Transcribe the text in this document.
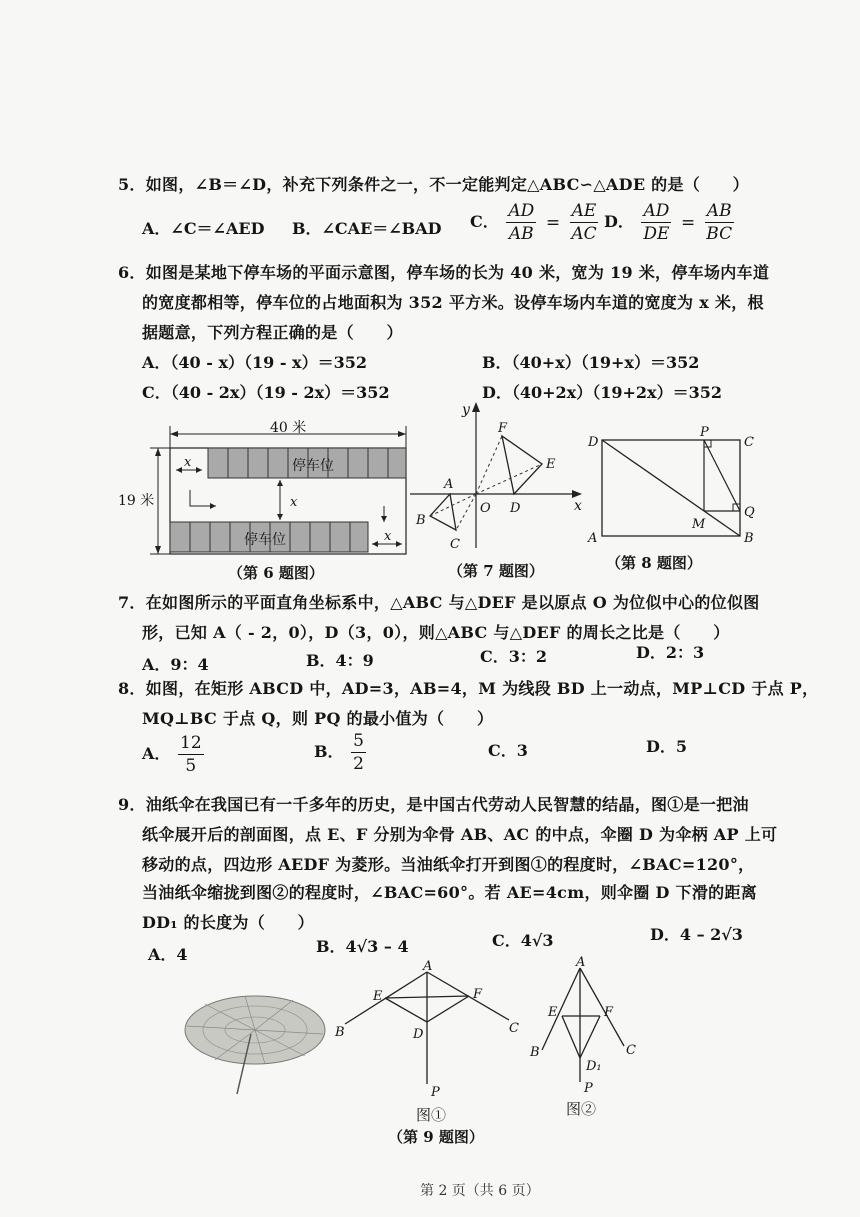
5．如图，∠B＝∠D，补充下列条件之一，不一定能判定△ABC∽△ADE 的是（　　）
A．∠C＝∠AED B．∠CAE＝∠BAD C． $\frac{AD}{AB} = \frac{AE}{AC}$ D． $\frac{AD}{DE} = \frac{AB}{BC}$
6．如图是某地下停车场的平面示意图，停车场的长为 40 米，宽为 19 米，停车场内车道
的宽度都相等，停车位的占地面积为 352 平方米。设停车场内车道的宽度为 x 米，根
据题意，下列方程正确的是（　　）
A．（40 - x）（19 - x）＝352	B．（40+x）（19+x）＝352
C．（40 - 2x）（19 - 2x）＝352	D．（40+2x）（19+2x）＝352
40 米
19 米
停车位
停车位
x
x
x
（第 6 题图）
y
x
O
F
E
D
A
B
C
（第 7 题图）
D
P
C
Q
M
A	B
（第 8 题图）
7．在如图所示的平面直角坐标系中，△ABC 与△DEF 是以原点 O 为位似中心的位似图
形，已知 A（ - 2，0），D（3，0），则△ABC 与△DEF 的周长之比是（　　）
A．9：4	B．4：9	C．3：2	D．2：3
8．如图，在矩形 ABCD 中，AD=3，AB=4，M 为线段 BD 上一动点，MP⊥CD 于点 P，
MQ⊥BC 于点 Q，则 PQ 的最小值为（　　）
A． $\frac{12}{5}$	B． $\frac{5}{2}$	C．3	D．5
9．油纸伞在我国已有一千多年的历史，是中国古代劳动人民智慧的结晶，图①是一把油
纸伞展开后的剖面图，点 E、F 分别为伞骨 AB、AC 的中点，伞圈 D 为伞柄 AP 上可
移动的点，四边形 AEDF 为菱形。当油纸伞打开到图①的程度时，∠BAC=120°，
当油纸伞缩拢到图②的程度时，∠BAC=60°。若 AE=4cm，则伞圈 D 下滑的距离
DD₁ 的长度为（　　）
A．4	B．4√3 – 4	C．4√3	D．4 – 2√3
A
E	F
D
B	C
P
图①
A
E	F
D₁
B	C
P
图②
（第 9 题图）
第 2 页（共 6 页）
